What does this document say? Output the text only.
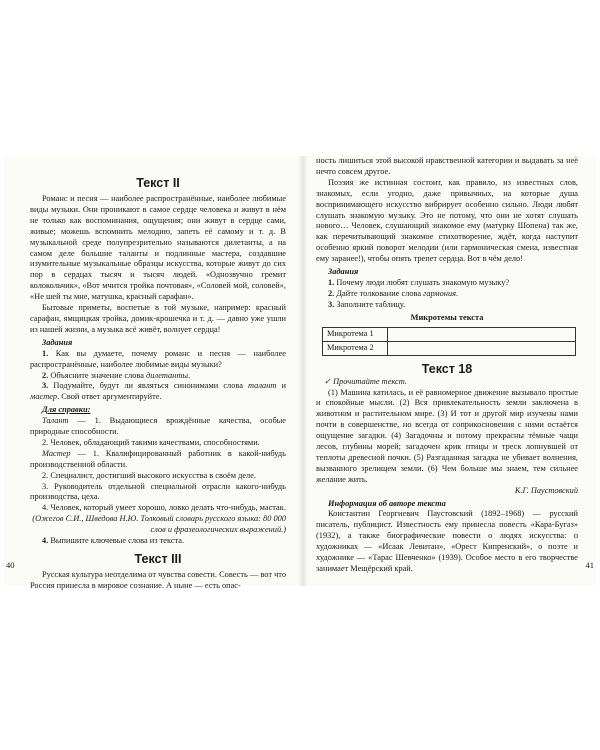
Текст II

Романс и песня — наиболее распространённые, наиболее любимые виды музыки. Они проникают в самое сердце человека и живут в нём не только как воспоминания, ощущения; они живут в сердце сами, живые; можешь вспомнить мелодию, запеть её самому и т. д. В музыкальной среде полупрезрительно называются дилетанты, а на самом деле большие таланты и подлинные мастера, создавшие изумительные музыкальные образцы искусства, которые живут до сих пор в сердцах тысяч и тысяч людей. «Однозвучно гремит колокольчик», «Вот мчится тройка почтовая», «Соловей мой, соловей», «Не шей ты мне, матушка, красный сарафан».

Бытовые приметы, воспетые в той музыке, например: красный сарафан, ямщицкая тройка, домик-крошечка и т. д. — давно уже ушли из нашей жизни, а музыка всё живёт, волнует сердца!

Задания

1. Как вы думаете, почему романс и песня — наиболее распространённые, наиболее любимые виды музыки?

2. Объясните значение слова дилетанты.

3. Подумайте, будут ли являться синонимами слова талант и мастер. Свой ответ аргументируйте.

Для справки:

Талант — 1. Выдающиеся врождённые качества, особые природные способности.

2. Человек, обладающий такими качествами, способностями.

Мастер — 1. Квалифицированный работник в какой-нибудь производственной области.

2. Специалист, достигший высокого искусства в своём деле.

3. Руководитель отдельной специальной отрасли какого-нибудь производства, цеха.

4. Человек, который умеет хорошо, ловко делать что-нибудь, мастак.

(Ожегов С.И., Шведова Н.Ю. Толковый словарь русского языка: 80 000 слов и фразеологических выражений.)

4. Выпишите ключевые слова из текста.

Текст III

Русская культура неотделима от чувства совести. Совесть — вот что Россия принесла в мировое сознание. А ныне — есть опас-

40

ность лишиться этой высокой нравственной категории и выдавать за неё нечто совсем другое.

Поэзия же истинная состоит, как правило, из известных слов, знакомых, если угодно, даже привычных, на которые душа воспринимающего искусство вибрирует особенно сильно. Люди любят слушать знакомую музыку. Это не потому, что они не хотят слушать нового… Человек, слушающий знакомое ему (матурку Шопена) так же, как перечитывающий знакомое стихотворение, ждёт, когда наступит особенно яркий поворот мелодии (или гармоническая смена, известная ему заранее!), чтобы опять трепет сердца. Вот в чём дело!

Задания

1. Почему люди любят слушать знакомую музыку?

2. Дайте толкование слова гармония.

3. Заполните таблицу.

Микротемы текста
Микротема 1	
Микротема 2	
Текст 18

✓ Прочитайте текст.

(1) Машина катилась, и её равномерное движение вызывало простые и спокойные мысли. (2) Вся привлекательность земли заключена в животном и растительном мире. (3) И тот и другой мир изучены нами почти в совершенстве, но всегда от соприкосновения с ними остаётся ощущение загадки. (4) Загадочны и потому прекрасны тёмные чащи лесов, глубины морей; загадочен крик птицы и треск лопнувшей от теплоты древесной почки. (5) Разгаданная загадка не убивает волнения, вызванного зрелищем земли. (6) Чем больше мы знаем, тем сильнее желание жить.

К.Г. Паустовский

Информация об авторе текста

Константин Георгиевич Паустовский (1892–1968) — русский писатель, публицист. Известность ему принесла повесть «Кара-Бугаз» (1932), а также биографические повести о людях искусства: о художниках — «Исаак Левитан», «Орест Кипренский», о поэте и художнике — «Тарас Шевченко» (1939). Особое место в его творчестве занимает Мещёрский край.	41
